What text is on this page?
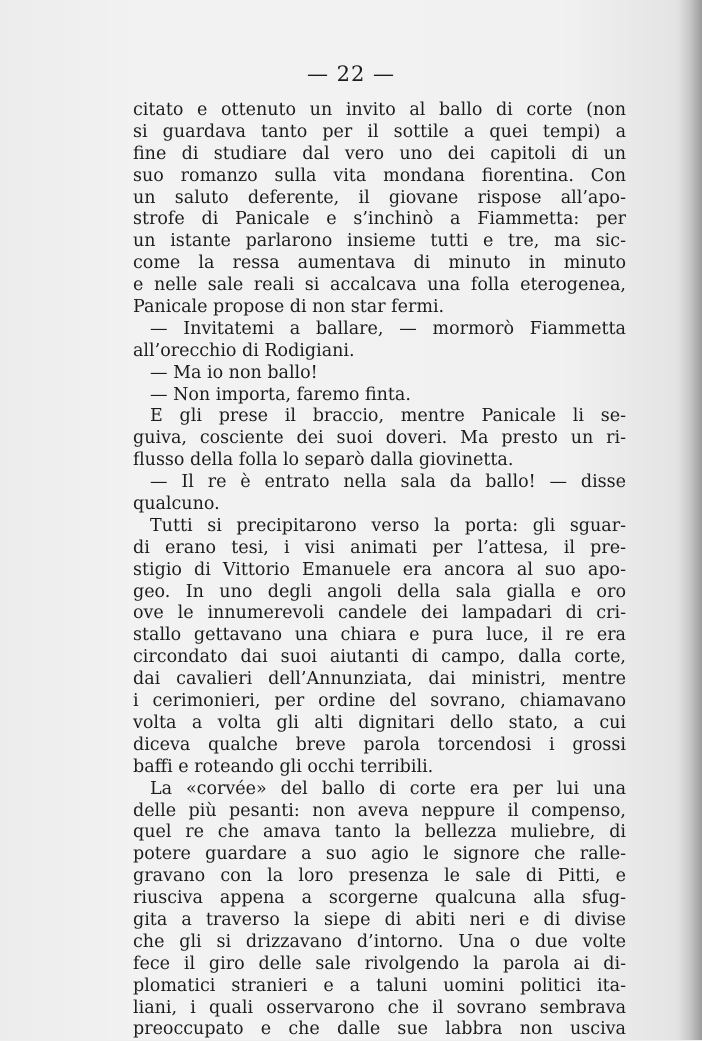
— 22 —
citato e ottenuto un invito al ballo di corte (non
si guardava tanto per il sottile a quei tempi) a
fine di studiare dal vero uno dei capitoli di un
suo romanzo sulla vita mondana fiorentina. Con
un saluto deferente, il giovane rispose all’apo-
strofe di Panicale e s’inchinò a Fiammetta: per
un istante parlarono insieme tutti e tre, ma sic-
come la ressa aumentava di minuto in minuto
e nelle sale reali si accalcava una folla eterogenea,
Panicale propose di non star fermi.
— Invitatemi a ballare, — mormorò Fiammetta
all’orecchio di Rodigiani.
— Ma io non ballo!
— Non importa, faremo finta.
E gli prese il braccio, mentre Panicale li se-
guiva, cosciente dei suoi doveri. Ma presto un ri-
flusso della folla lo separò dalla giovinetta.
— Il re è entrato nella sala da ballo! — disse
qualcuno.
Tutti si precipitarono verso la porta: gli sguar-
di erano tesi, i visi animati per l’attesa, il pre-
stigio di Vittorio Emanuele era ancora al suo apo-
geo. In uno degli angoli della sala gialla e oro
ove le innumerevoli candele dei lampadari di cri-
stallo gettavano una chiara e pura luce, il re era
circondato dai suoi aiutanti di campo, dalla corte,
dai cavalieri dell’Annunziata, dai ministri, mentre
i cerimonieri, per ordine del sovrano, chiamavano
volta a volta gli alti dignitari dello stato, a cui
diceva qualche breve parola torcendosi i grossi
baffi e roteando gli occhi terribili.
La «corvée» del ballo di corte era per lui una
delle più pesanti: non aveva neppure il compenso,
quel re che amava tanto la bellezza muliebre, di
potere guardare a suo agio le signore che ralle-
gravano con la loro presenza le sale di Pitti, e
riusciva appena a scorgerne qualcuna alla sfug-
gita a traverso la siepe di abiti neri e di divise
che gli si drizzavano d’intorno. Una o due volte
fece il giro delle sale rivolgendo la parola ai di-
plomatici stranieri e a taluni uomini politici ita-
liani, i quali osservarono che il sovrano sembrava
preoccupato e che dalle sue labbra non usciva
